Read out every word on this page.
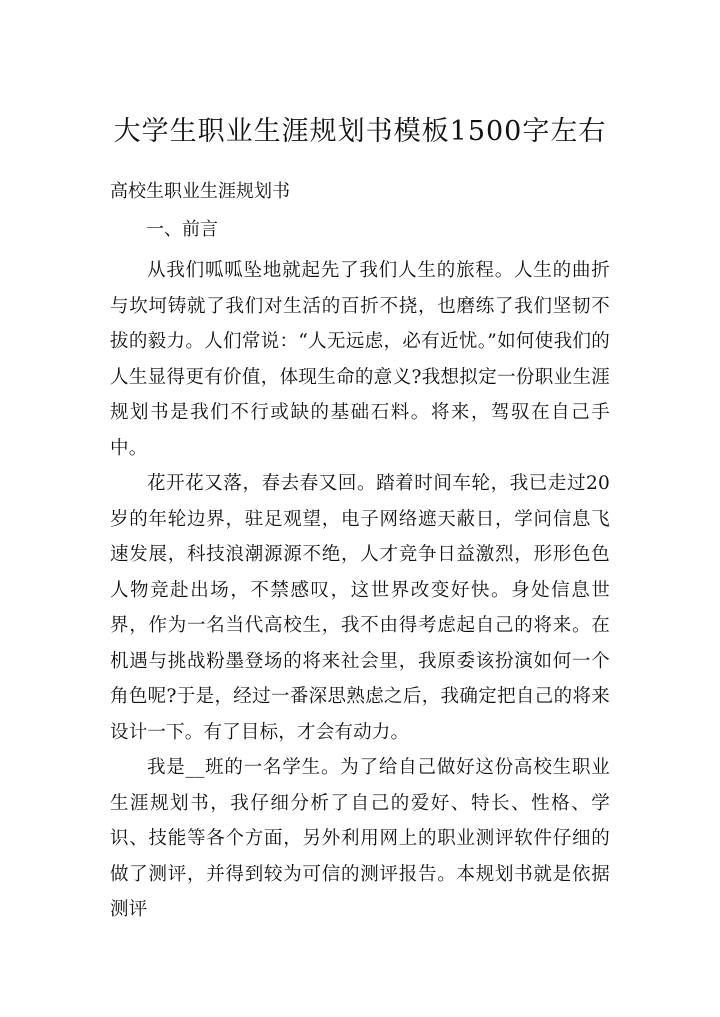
大学生职业生涯规划书模板1500字左右

高校生职业生涯规划书

一、前言

从我们呱呱坠地就起先了我们人生的旅程。人生的曲折与坎坷铸就了我们对生活的百折不挠，也磨练了我们坚韧不拔的毅力。人们常说：“人无远虑，必有近忧。”如何使我们的人生显得更有价值，体现生命的意义?我想拟定一份职业生涯规划书是我们不行或缺的基础石料。将来，驾驭在自己手中。

花开花又落，春去春又回。踏着时间车轮，我已走过20岁的年轮边界，驻足观望，电子网络遮天蔽日，学问信息飞速发展，科技浪潮源源不绝，人才竞争日益激烈，形形色色人物竞赴出场，不禁感叹，这世界改变好快。身处信息世界，作为一名当代高校生，我不由得考虑起自己的将来。在机遇与挑战粉墨登场的将来社会里，我原委该扮演如何一个角色呢?于是，经过一番深思熟虑之后，我确定把自己的将来设计一下。有了目标，才会有动力。

我是__班的一名学生。为了给自己做好这份高校生职业生涯规划书，我仔细分析了自己的爱好、特长、性格、学识、技能等各个方面，另外利用网上的职业测评软件仔细的做了测评，并得到较为可信的测评报告。本规划书就是依据测评
